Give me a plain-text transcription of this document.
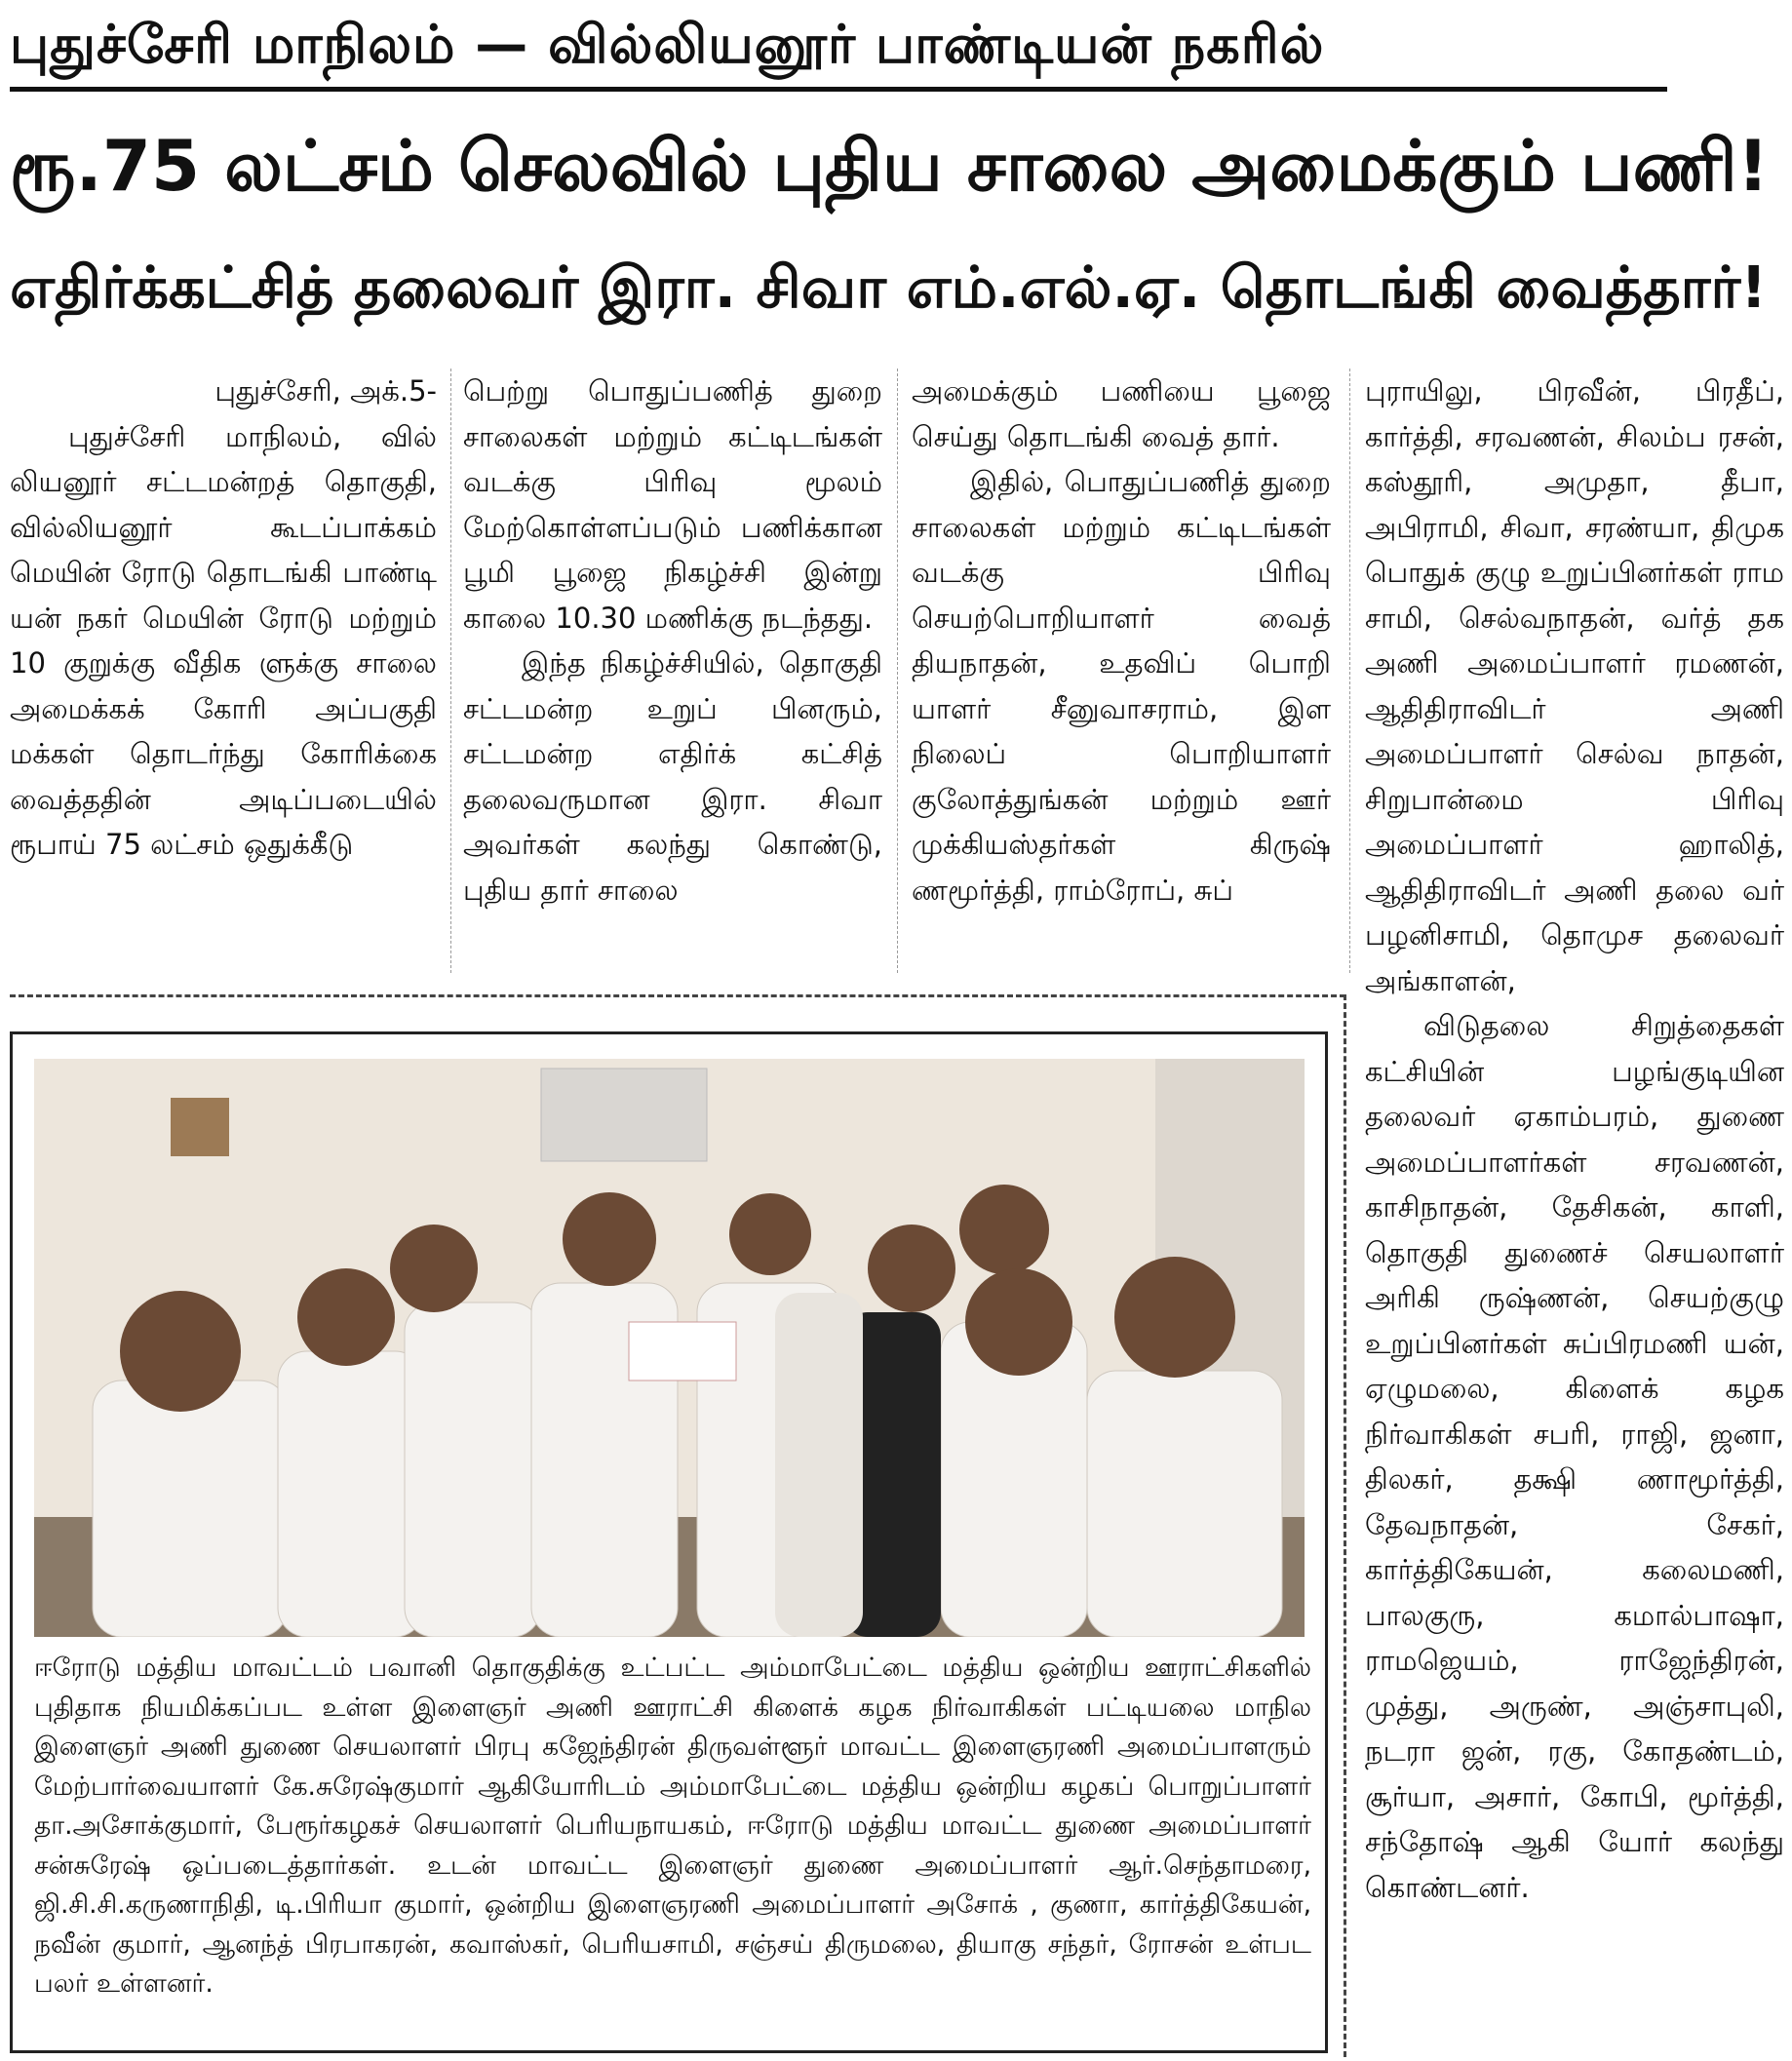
புதுச்சேரி மாநிலம் — வில்லியனூர் பாண்டியன் நகரில்
ரூ.75 லட்சம் செலவில் புதிய சாலை அமைக்கும் பணி!
எதிர்க்கட்சித் தலைவர் இரா. சிவா எம்.எல்.ஏ. தொடங்கி வைத்தார்!

புதுச்சேரி, அக்.5-

புதுச்சேரி மாநிலம், வில் லியனூர் சட்டமன்றத் தொகுதி, வில்லியனூர் கூடப்பாக்கம் மெயின் ரோடு தொடங்கி பாண்டி யன் நகர் மெயின் ரோடு மற்றும் 10 குறுக்கு வீதிக ளுக்கு சாலை அமைக்கக் கோரி அப்பகுதி மக்கள் தொடர்ந்து கோரிக்கை வைத்ததின் அடிப்படையில் ரூபாய் 75 லட்சம் ஒதுக்கீடு

பெற்று பொதுப்பணித் துறை சாலைகள் மற்றும் கட்டிடங்கள் வடக்கு பிரிவு மூலம் மேற்கொள்ளப்படும் பணிக்கான பூமி பூஜை நிகழ்ச்சி இன்று காலை 10.30 மணிக்கு நடந்தது.

இந்த நிகழ்ச்சியில், தொகுதி சட்டமன்ற உறுப் பினரும், சட்டமன்ற எதிர்க் கட்சித் தலைவருமான இரா. சிவா அவர்கள் கலந்து கொண்டு, புதிய தார் சாலை

அமைக்கும் பணியை பூஜை செய்து தொடங்கி வைத் தார்.

இதில், பொதுப்பணித் துறை சாலைகள் மற்றும் கட்டிடங்கள் வடக்கு பிரிவு செயற்பொறியாளர் வைத் தியநாதன், உதவிப் பொறி யாளர் சீனுவாசராம், இள நிலைப் பொறியாளர் குலோத்துங்கன் மற்றும் ஊர் முக்கியஸ்தர்கள் கிருஷ் ணமூர்த்தி, ராம்ரோப், சுப்

புராயிலு, பிரவீன், பிரதீப், கார்த்தி, சரவணன், சிலம்ப ரசன், கஸ்தூரி, அமுதா, தீபா, அபிராமி, சிவா, சரண்யா, திமுக பொதுக் குழு உறுப்பினர்கள் ராம சாமி, செல்வநாதன், வர்த் தக அணி அமைப்பாளர் ரமணன், ஆதிதிராவிடர் அணி அமைப்பாளர் செல்வ நாதன், சிறுபான்மை பிரிவு அமைப்பாளர் ஹாலித், ஆதிதிராவிடர் அணி தலை வர் பழனிசாமி, தொமுச தலைவர் அங்காளன்,

விடுதலை சிறுத்தைகள் கட்சியின் பழங்குடியின தலைவர் ஏகாம்பரம், துணை அமைப்பாளர்கள் சரவணன், காசிநாதன், தேசிகன், காளி, தொகுதி துணைச் செயலாளர் அரிகி ருஷ்ணன், செயற்குழு உறுப்பினர்கள் சுப்பிரமணி யன், ஏழுமலை, கிளைக் கழக நிர்வாகிகள் சபரி, ராஜி, ஜனா, திலகர், தக்ஷி ணாமூர்த்தி, தேவநாதன், சேகர், கார்த்திகேயன், கலைமணி, பாலகுரு, கமால்பாஷா, ராமஜெயம், ராஜேந்திரன், முத்து, அருண், அஞ்சாபுலி, நடரா ஜன், ரகு, கோதண்டம், சூர்யா, அசார், கோபி, மூர்த்தி, சந்தோஷ் ஆகி யோர் கலந்து கொண்டனர்.

ஈரோடு மத்திய மாவட்டம் பவானி தொகுதிக்கு உட்பட்ட அம்மாபேட்டை மத்திய ஒன்றிய ஊராட்சிகளில் புதிதாக நியமிக்கப்பட உள்ள இளைஞர் அணி ஊராட்சி கிளைக் கழக நிர்வாகிகள் பட்டியலை மாநில இளைஞர் அணி துணை செயலாளர் பிரபு கஜேந்திரன் திருவள்ளூர் மாவட்ட இளைஞரணி அமைப்பாளரும் மேற்பார்வையாளர் கே.சுரேஷ்குமார் ஆகியோரிடம் அம்மாபேட்டை மத்திய ஒன்றிய கழகப் பொறுப்பாளர் தா.அசோக்குமார், பேரூர்கழகச் செயலாளர் பெரியநாயகம், ஈரோடு மத்திய மாவட்ட துணை அமைப்பாளர் சன்சுரேஷ் ஒப்படைத்தார்கள். உடன் மாவட்ட இளைஞர் துணை அமைப்பாளர் ஆர்.செந்தாமரை, ஜி.சி.சி.கருணாநிதி, டி.பிரியா குமார், ஒன்றிய இளைஞரணி அமைப்பாளர் அசோக் , குணா, கார்த்திகேயன், நவீன் குமார், ஆனந்த் பிரபாகரன், கவாஸ்கர், பெரியசாமி, சஞ்சய் திருமலை, தியாகு சந்தர், ரோசன் உள்பட பலர் உள்ளனர்.
